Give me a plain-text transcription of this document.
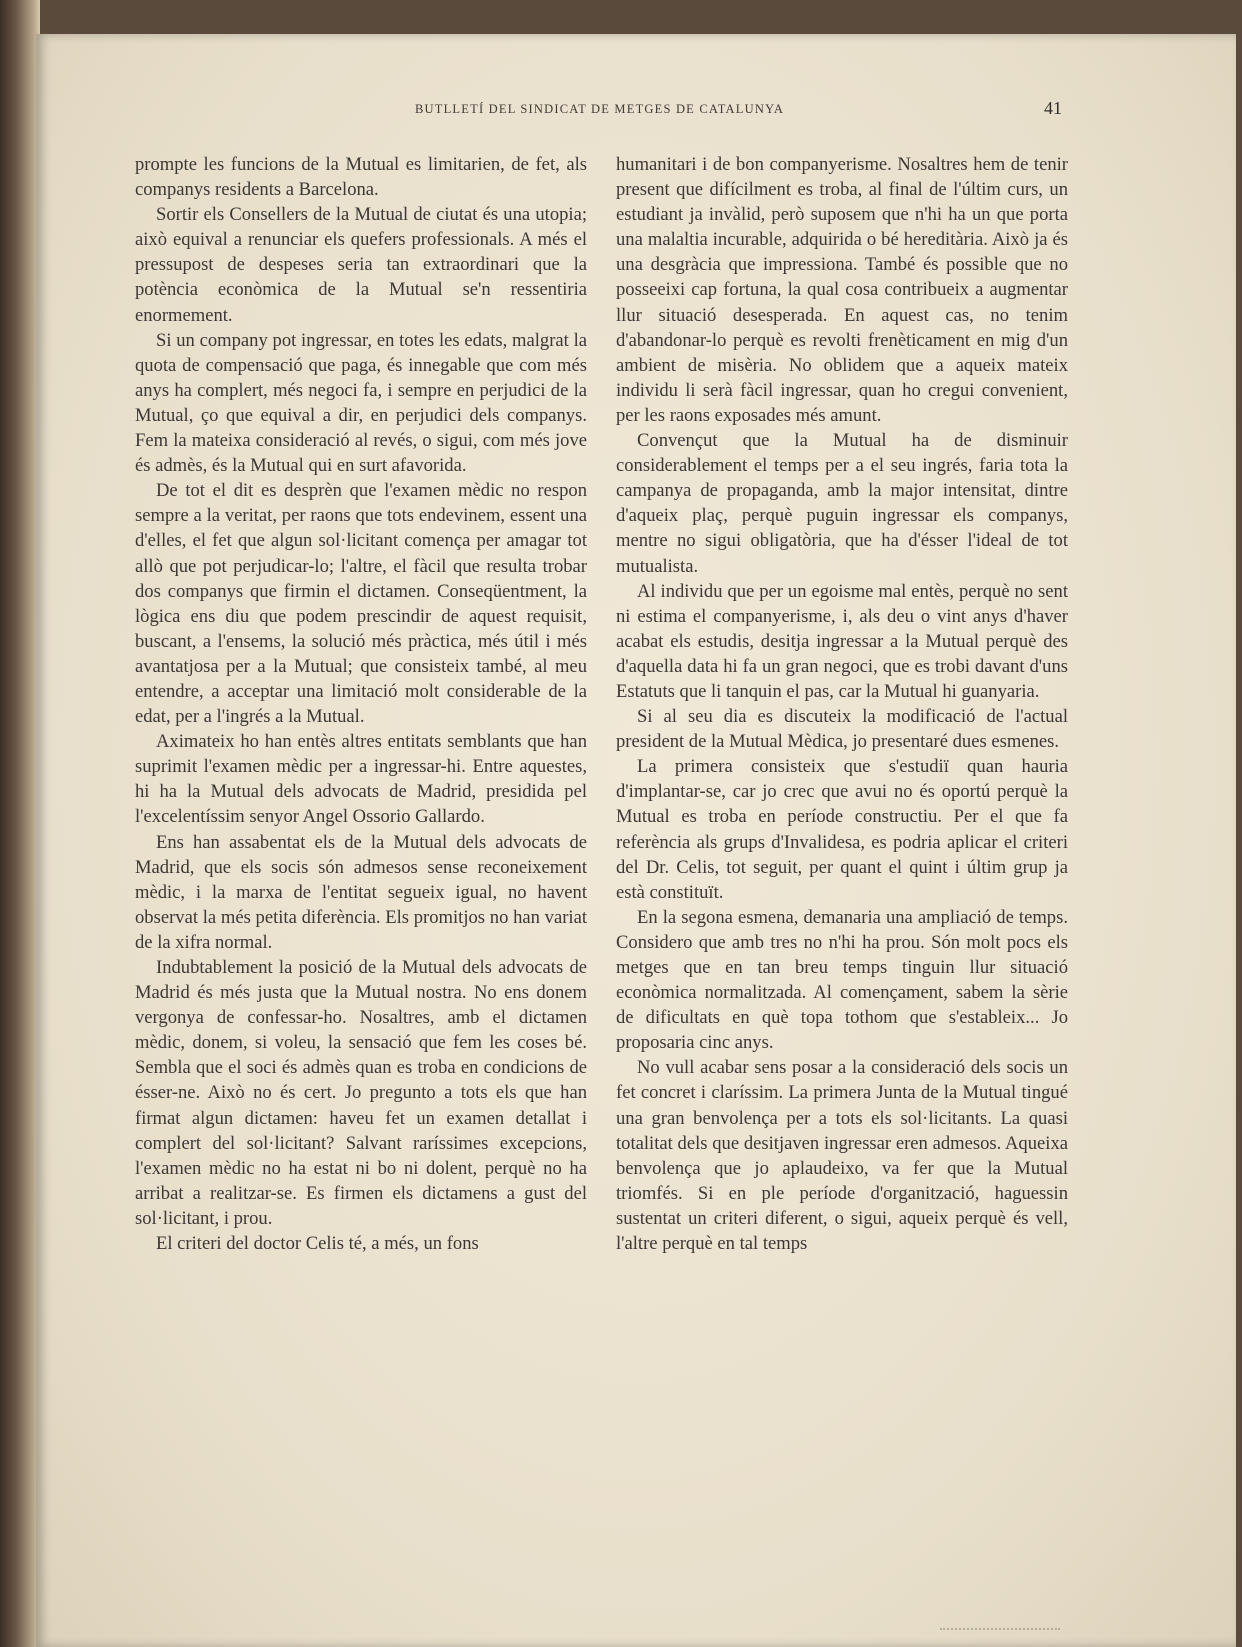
BUTLLETÍ DEL SINDICAT DE METGES DE CATALUNYA	41

prompte les funcions de la Mutual es limitarien, de fet, als companys residents a Barcelona.

Sortir els Consellers de la Mutual de ciutat és una utopia; això equival a renunciar els quefers professionals. A més el pressupost de despeses seria tan extraordinari que la potència econòmica de la Mutual se'n ressentiria enormement.

Si un company pot ingressar, en totes les edats, malgrat la quota de compensació que paga, és innegable que com més anys ha complert, més negoci fa, i sempre en perjudici de la Mutual, ço que equival a dir, en perjudici dels companys. Fem la mateixa consideració al revés, o sigui, com més jove és admès, és la Mutual qui en surt afavorida.

De tot el dit es desprèn que l'examen mèdic no respon sempre a la veritat, per raons que tots endevinem, essent una d'elles, el fet que algun sol·licitant comença per amagar tot allò que pot perjudicar-lo; l'altre, el fàcil que resulta trobar dos companys que firmin el dictamen. Conseqüentment, la lògica ens diu que podem prescindir de aquest requisit, buscant, a l'ensems, la solució més pràctica, més útil i més avantatjosa per a la Mutual; que consisteix també, al meu entendre, a acceptar una limitació molt considerable de la edat, per a l'ingrés a la Mutual.

Aximateix ho han entès altres entitats semblants que han suprimit l'examen mèdic per a ingressar-hi. Entre aquestes, hi ha la Mutual dels advocats de Madrid, presidida pel l'excelentíssim senyor Angel Ossorio Gallardo.

Ens han assabentat els de la Mutual dels advocats de Madrid, que els socis són admesos sense reconeixement mèdic, i la marxa de l'entitat segueix igual, no havent observat la més petita diferència. Els promitjos no han variat de la xifra normal.

Indubtablement la posició de la Mutual dels advocats de Madrid és més justa que la Mutual nostra. No ens donem vergonya de confessar-ho. Nosaltres, amb el dictamen mèdic, donem, si voleu, la sensació que fem les coses bé. Sembla que el soci és admès quan es troba en condicions de ésser-ne. Això no és cert. Jo pregunto a tots els que han firmat algun dictamen: haveu fet un examen detallat i complert del sol·licitant? Salvant raríssimes excepcions, l'examen mèdic no ha estat ni bo ni dolent, perquè no ha arribat a realitzar-se. Es firmen els dictamens a gust del sol·licitant, i prou.

El criteri del doctor Celis té, a més, un fons

humanitari i de bon companyerisme. Nosaltres hem de tenir present que difícilment es troba, al final de l'últim curs, un estudiant ja invàlid, però suposem que n'hi ha un que porta una malaltia incurable, adquirida o bé hereditària. Això ja és una desgràcia que impressiona. També és possible que no posseeixi cap fortuna, la qual cosa contribueix a augmentar llur situació desesperada. En aquest cas, no tenim d'abandonar-lo perquè es revolti frenèticament en mig d'un ambient de misèria. No oblidem que a aqueix mateix individu li serà fàcil ingressar, quan ho cregui convenient, per les raons exposades més amunt.

Convençut que la Mutual ha de disminuir considerablement el temps per a el seu ingrés, faria tota la campanya de propaganda, amb la major intensitat, dintre d'aqueix plaç, perquè puguin ingressar els companys, mentre no sigui obligatòria, que ha d'ésser l'ideal de tot mutualista.

Al individu que per un egoisme mal entès, perquè no sent ni estima el companyerisme, i, als deu o vint anys d'haver acabat els estudis, desitja ingressar a la Mutual perquè des d'aquella data hi fa un gran negoci, que es trobi davant d'uns Estatuts que li tanquin el pas, car la Mutual hi guanyaria.

Si al seu dia es discuteix la modificació de l'actual president de la Mutual Mèdica, jo presentaré dues esmenes.

La primera consisteix que s'estudiï quan hauria d'implantar-se, car jo crec que avui no és oportú perquè la Mutual es troba en període constructiu. Per el que fa referència als grups d'Invalidesa, es podria aplicar el criteri del Dr. Celis, tot seguit, per quant el quint i últim grup ja està constituït.

En la segona esmena, demanaria una ampliació de temps. Considero que amb tres no n'hi ha prou. Són molt pocs els metges que en tan breu temps tinguin llur situació econòmica normalitzada. Al començament, sabem la sèrie de dificultats en què topa tothom que s'estableix... Jo proposaria cinc anys.

No vull acabar sens posar a la consideració dels socis un fet concret i claríssim. La primera Junta de la Mutual tingué una gran benvolença per a tots els sol·licitants. La quasi totalitat dels que desitjaven ingressar eren admesos. Aqueixa benvolença que jo aplaudeixo, va fer que la Mutual triomfés. Si en ple període d'organització, haguessin sustentat un criteri diferent, o sigui, aqueix perquè és vell, l'altre perquè en tal temps
